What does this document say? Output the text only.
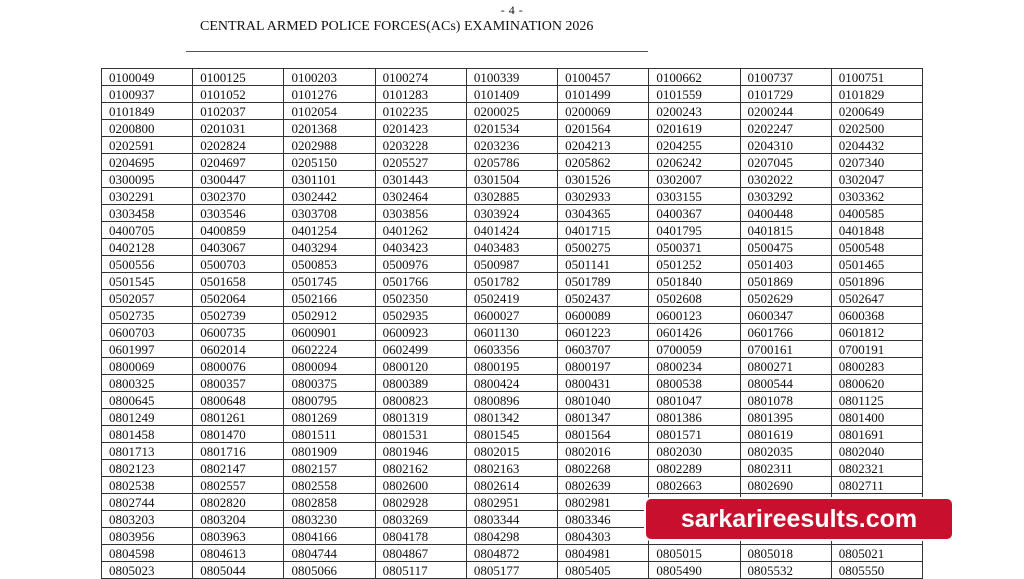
- 4 -
CENTRAL ARMED POLICE FORCES(ACs) EXAMINATION 2026
0100049	0100125	0100203	0100274	0100339	0100457	0100662	0100737	0100751
0100937	0101052	0101276	0101283	0101409	0101499	0101559	0101729	0101829
0101849	0102037	0102054	0102235	0200025	0200069	0200243	0200244	0200649
0200800	0201031	0201368	0201423	0201534	0201564	0201619	0202247	0202500
0202591	0202824	0202988	0203228	0203236	0204213	0204255	0204310	0204432
0204695	0204697	0205150	0205527	0205786	0205862	0206242	0207045	0207340
0300095	0300447	0301101	0301443	0301504	0301526	0302007	0302022	0302047
0302291	0302370	0302442	0302464	0302885	0302933	0303155	0303292	0303362
0303458	0303546	0303708	0303856	0303924	0304365	0400367	0400448	0400585
0400705	0400859	0401254	0401262	0401424	0401715	0401795	0401815	0401848
0402128	0403067	0403294	0403423	0403483	0500275	0500371	0500475	0500548
0500556	0500703	0500853	0500976	0500987	0501141	0501252	0501403	0501465
0501545	0501658	0501745	0501766	0501782	0501789	0501840	0501869	0501896
0502057	0502064	0502166	0502350	0502419	0502437	0502608	0502629	0502647
0502735	0502739	0502912	0502935	0600027	0600089	0600123	0600347	0600368
0600703	0600735	0600901	0600923	0601130	0601223	0601426	0601766	0601812
0601997	0602014	0602224	0602499	0603356	0603707	0700059	0700161	0700191
0800069	0800076	0800094	0800120	0800195	0800197	0800234	0800271	0800283
0800325	0800357	0800375	0800389	0800424	0800431	0800538	0800544	0800620
0800645	0800648	0800795	0800823	0800896	0801040	0801047	0801078	0801125
0801249	0801261	0801269	0801319	0801342	0801347	0801386	0801395	0801400
0801458	0801470	0801511	0801531	0801545	0801564	0801571	0801619	0801691
0801713	0801716	0801909	0801946	0802015	0802016	0802030	0802035	0802040
0802123	0802147	0802157	0802162	0802163	0802268	0802289	0802311	0802321
0802538	0802557	0802558	0802600	0802614	0802639	0802663	0802690	0802711
0802744	0802820	0802858	0802928	0802951	0802981			
0803203	0803204	0803230	0803269	0803344	0803346			
0803956	0803963	0804166	0804178	0804298	0804303			
0804598	0804613	0804744	0804867	0804872	0804981	0805015	0805018	0805021
0805023	0805044	0805066	0805117	0805177	0805405	0805490	0805532	0805550
sarkarireesults.com
